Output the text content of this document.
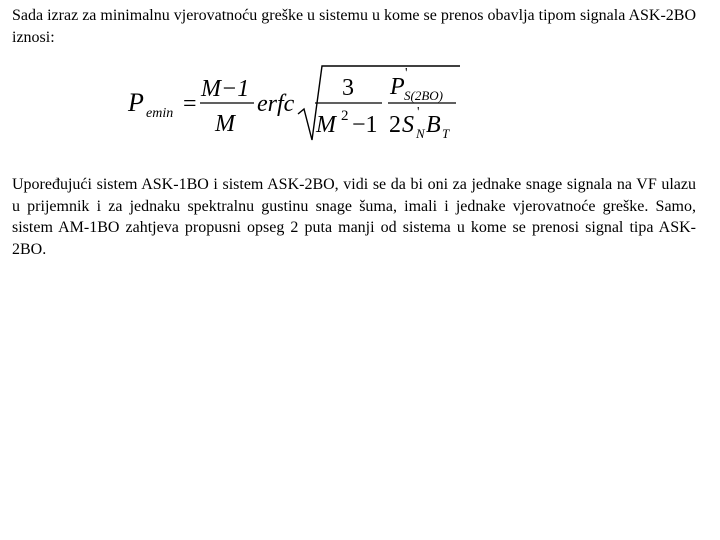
Sada izraz za minimalnu vjerovatnoću greške u sistemu u kome se prenos obavlja tipom signala ASK-2BO iznosi:

P emin =
M−1
M
erfc
3
M 2 −1
P
'
S(2BO)
2 S '
N B T

Upoređujući sistem ASK-1BO i sistem ASK-2BO, vidi se da bi oni za jednake snage signala na VF ulazu u prijemnik i za jednaku spektralnu gustinu snage šuma, imali i jednake vjerovatnoće greške. Samo, sistem AM-1BO zahtjeva propusni opseg 2 puta manji od sistema u kome se prenosi signal tipa ASK-2BO.
